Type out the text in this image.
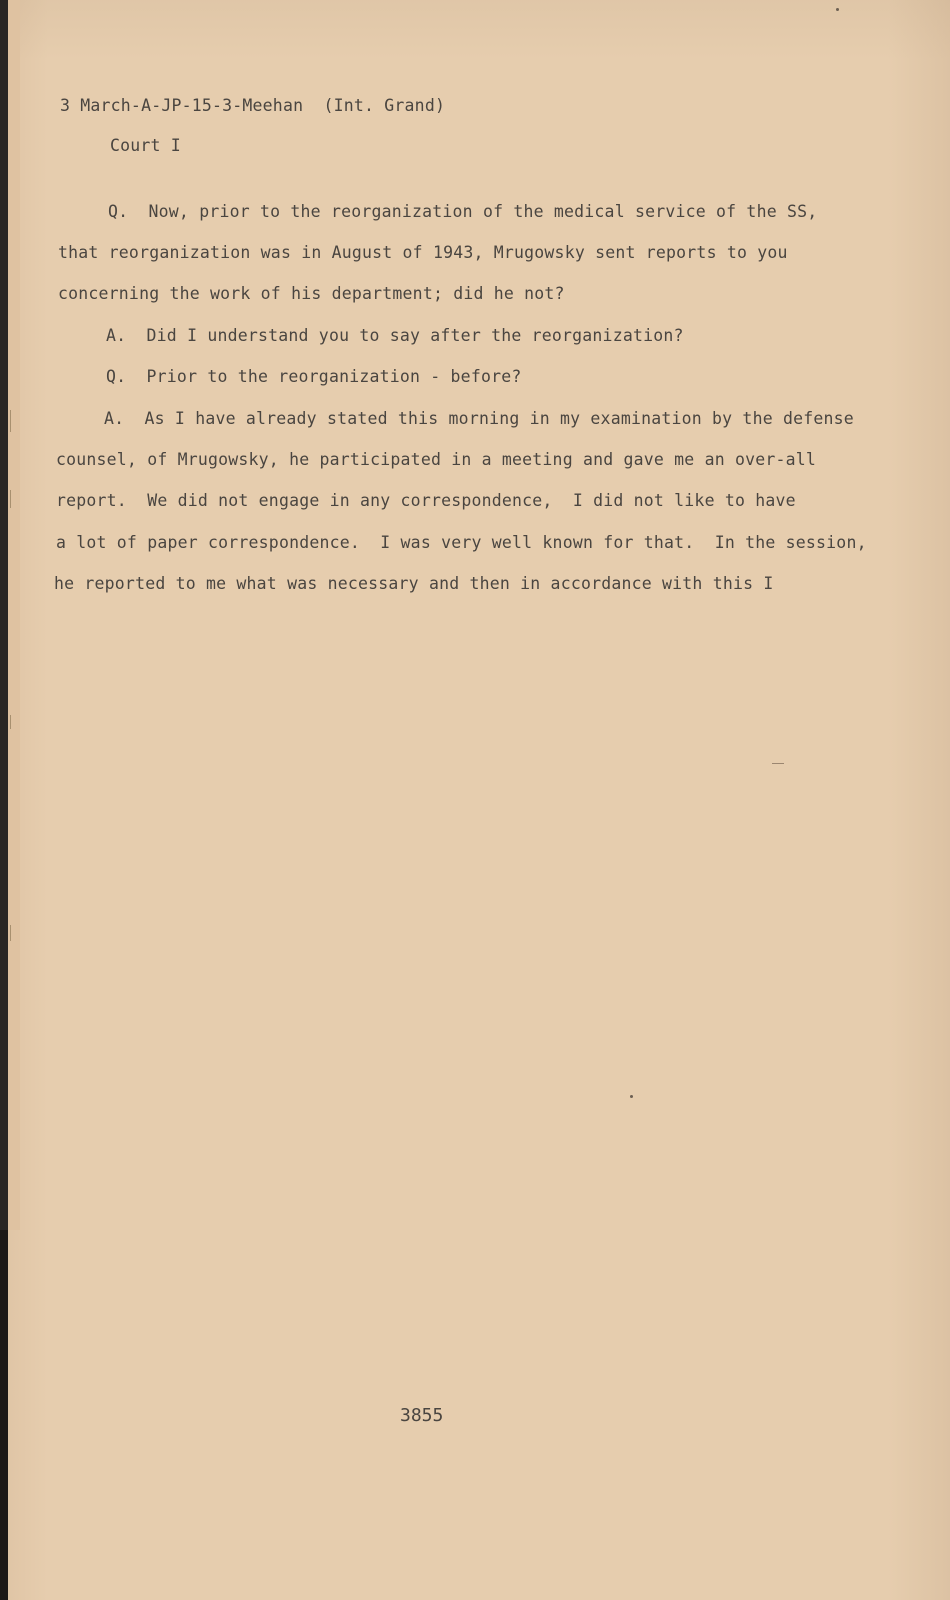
3 March-A-JP-15-3-Meehan  (Int. Grand)
Court I
Q.  Now, prior to the reorganization of the medical service of the SS,
that reorganization was in August of 1943, Mrugowsky sent reports to you
concerning the work of his department; did he not?
A.  Did I understand you to say after the reorganization?
Q.  Prior to the reorganization - before?
A.  As I have already stated this morning in my examination by the defense
counsel, of Mrugowsky, he participated in a meeting and gave me an over-all
report.  We did not engage in any correspondence,  I did not like to have
a lot of paper correspondence.  I was very well known for that.  In the session,
he reported to me what was necessary and then in accordance with this I
3855
